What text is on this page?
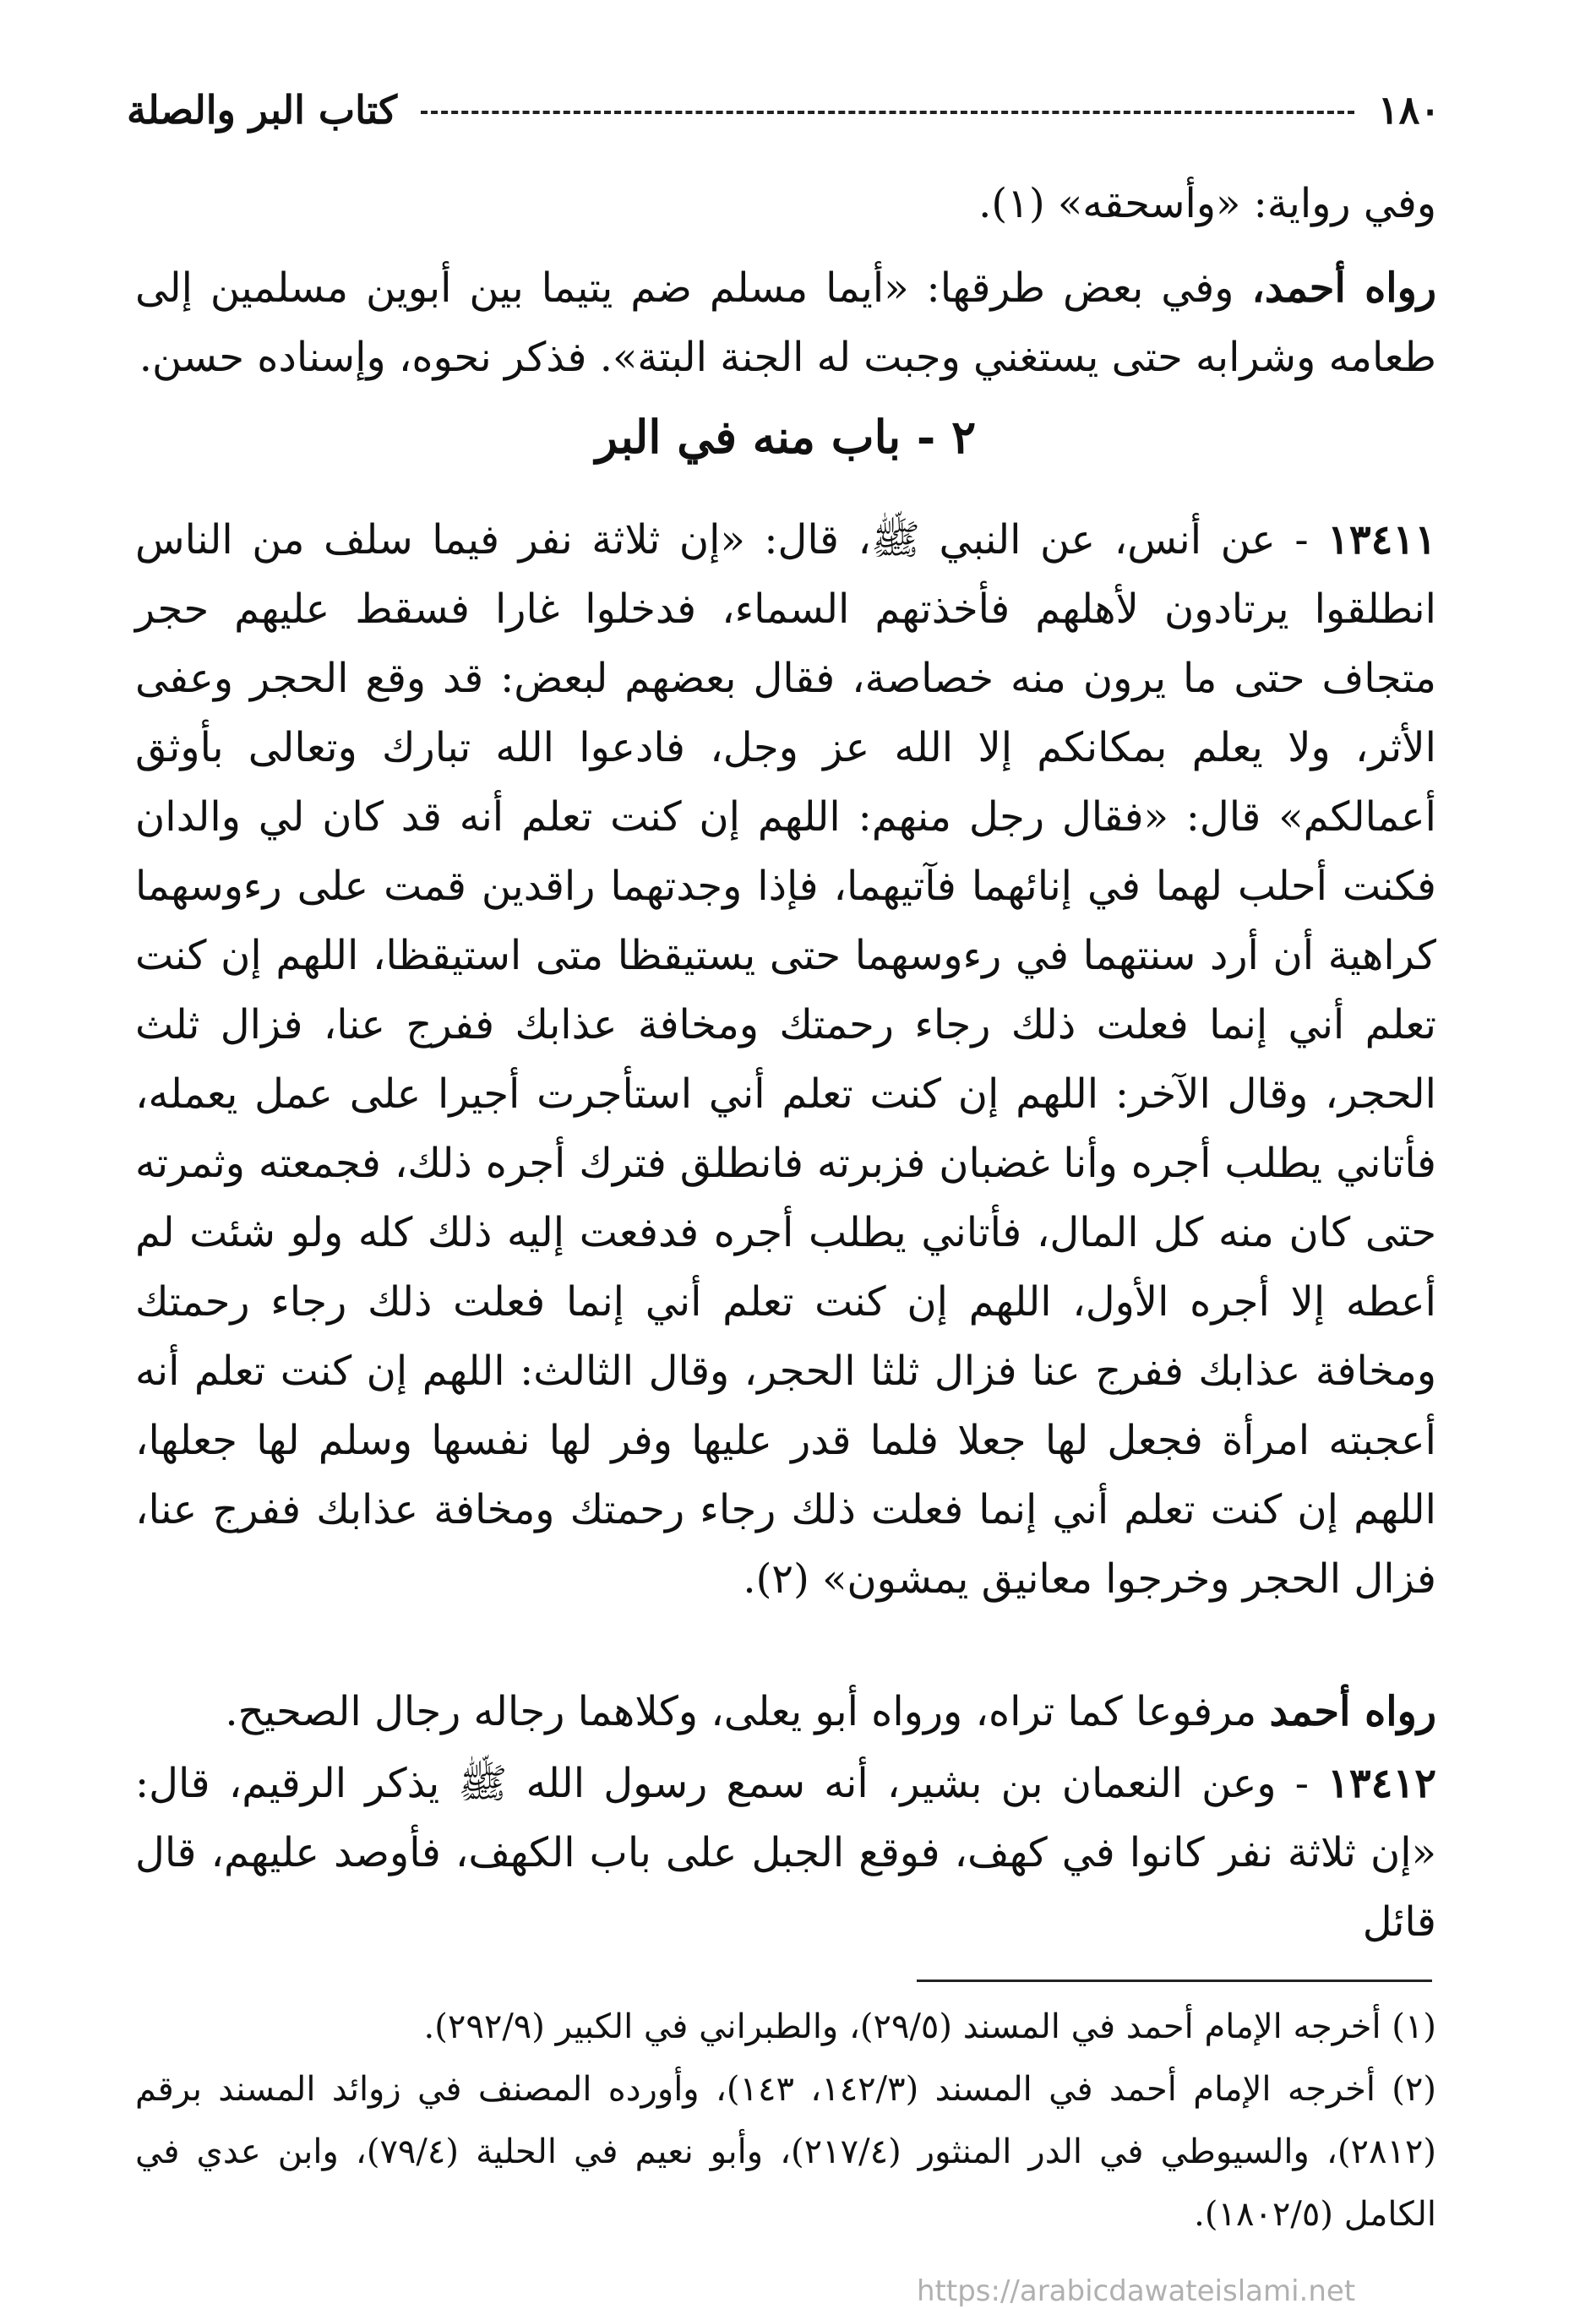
١٨٠
كتاب البر والصلة
وفي رواية: «وأسحقه» (١).
رواه أحمد، وفي بعض طرقها: «أيما مسلم ضم يتيما بين أبوين مسلمين إلى طعامه وشرابه حتى يستغني وجبت له الجنة البتة». فذكر نحوه، وإسناده حسن.
٢ - باب منه في البر
١٣٤١١ - عن أنس، عن النبي ﷺ، قال: «إن ثلاثة نفر فيما سلف من الناس انطلقوا يرتادون لأهلهم فأخذتهم السماء، فدخلوا غارا فسقط عليهم حجر متجاف حتى ما يرون منه خصاصة، فقال بعضهم لبعض: قد وقع الحجر وعفى الأثر، ولا يعلم بمكانكم إلا الله عز وجل، فادعوا الله تبارك وتعالى بأوثق أعمالكم» قال: «فقال رجل منهم: اللهم إن كنت تعلم أنه قد كان لي والدان فكنت أحلب لهما في إنائهما فآتيهما، فإذا وجدتهما راقدين قمت على رءوسهما كراهية أن أرد سنتهما في رءوسهما حتى يستيقظا متى استيقظا، اللهم إن كنت تعلم أني إنما فعلت ذلك رجاء رحمتك ومخافة عذابك ففرج عنا، فزال ثلث الحجر، وقال الآخر: اللهم إن كنت تعلم أني استأجرت أجيرا على عمل يعمله، فأتاني يطلب أجره وأنا غضبان فزبرته فانطلق فترك أجره ذلك، فجمعته وثمرته حتى كان منه كل المال، فأتاني يطلب أجره فدفعت إليه ذلك كله ولو شئت لم أعطه إلا أجره الأول، اللهم إن كنت تعلم أني إنما فعلت ذلك رجاء رحمتك ومخافة عذابك ففرج عنا فزال ثلثا الحجر، وقال الثالث: اللهم إن كنت تعلم أنه أعجبته امرأة فجعل لها جعلا فلما قدر عليها وفر لها نفسها وسلم لها جعلها، اللهم إن كنت تعلم أني إنما فعلت ذلك رجاء رحمتك ومخافة عذابك ففرج عنا، فزال الحجر وخرجوا معانيق يمشون» (٢).
رواه أحمد مرفوعا كما تراه، ورواه أبو يعلى، وكلاهما رجاله رجال الصحيح.
١٣٤١٢ - وعن النعمان بن بشير، أنه سمع رسول الله ﷺ يذكر الرقيم، قال: «إن ثلاثة نفر كانوا في كهف، فوقع الجبل على باب الكهف، فأوصد عليهم، قال قائل
(١) أخرجه الإمام أحمد في المسند (٢٩/٥)، والطبراني في الكبير (٢٩٢/٩).
(٢) أخرجه الإمام أحمد في المسند (١٤٢/٣، ١٤٣)، وأورده المصنف في زوائد المسند برقم (٢٨١٢)، والسيوطي في الدر المنثور (٢١٧/٤)، وأبو نعيم في الحلية (٧٩/٤)، وابن عدي في الكامل (١٨٠٢/٥).
https://arabicdawateislami.net
